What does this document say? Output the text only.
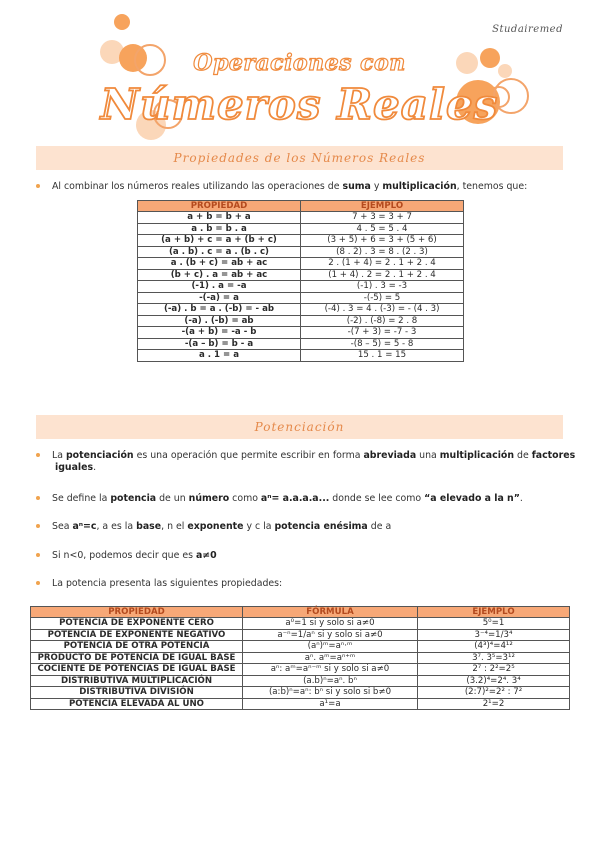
Studairemed
Operaciones con
Números Reales
Propiedades de los Números Reales
Al combinar los números reales utilizando las operaciones de suma y multiplicación, tenemos que:
PROPIEDAD	EJEMPLO
a + b = b + a	7 + 3 = 3 + 7
a . b = b . a	4 . 5 = 5 . 4
(a + b) + c = a + (b + c)	(3 + 5) + 6 = 3 + (5 + 6)
(a . b) . c = a . (b . c)	(8 . 2) . 3 = 8 . (2 . 3)
a . (b + c) = ab + ac	2 . (1 + 4) = 2 . 1 + 2 . 4
(b + c) . a = ab + ac	(1 + 4) . 2 = 2 . 1 + 2 . 4
(-1) . a = -a	(-1) . 3 = -3
-(-a) = a	-(-5) = 5
(-a) . b = a . (-b) = - ab	(-4) . 3 = 4 . (-3) = - (4 . 3)
(-a) . (-b) = ab	(-2) . (-8) = 2 . 8
-(a + b) = -a - b	-(7 + 3) = -7 - 3
-(a – b) = b - a	-(8 – 5) = 5 - 8
a . 1 = a	15 . 1 = 15
Potenciación
La potenciación es una operación que permite escribir en forma abreviada una multiplicación de factores
iguales.
Se define la potencia de un número como aⁿ= a.a.a.a... donde se lee como “a elevado a la n”.
Sea aⁿ=c, a es la base, n el exponente y c la potencia enésima de a
Si n<0, podemos decir que es a≠0
La potencia presenta las siguientes propiedades:
PROPIEDAD	FÓRMULA	EJEMPLO
POTENCIA DE EXPONENTE CERO	a⁰=1 si y solo si a≠0	5⁰=1
POTENCIA DE EXPONENTE NEGATIVO	a⁻ⁿ=1/aⁿ si y solo si a≠0	3⁻⁴=1/3⁴
POTENCIA DE OTRA POTENCIA	(aⁿ)ᵐ=aⁿ·ᵐ	(4³)⁴=4¹²
PRODUCTO DE POTENCIA DE IGUAL BASE	aⁿ. aᵐ=aⁿ⁺ᵐ	3⁷. 3⁵=3¹²
COCIENTE DE POTENCIAS DE IGUAL BASE	aⁿ: aᵐ=aⁿ⁻ᵐ si y solo si a≠0	2⁷ : 2²=2⁵
DISTRIBUTIVA MULTIPLICACIÓN	(a.b)ⁿ=aⁿ. bⁿ	(3.2)⁴=2⁴. 3⁴
DISTRIBUTIVA DIVISIÓN	(a:b)ⁿ=aⁿ: bⁿ si y solo si b≠0	(2:7)²=2² : 7²
POTENCIA ELEVADA AL UNO	a¹=a	2¹=2
